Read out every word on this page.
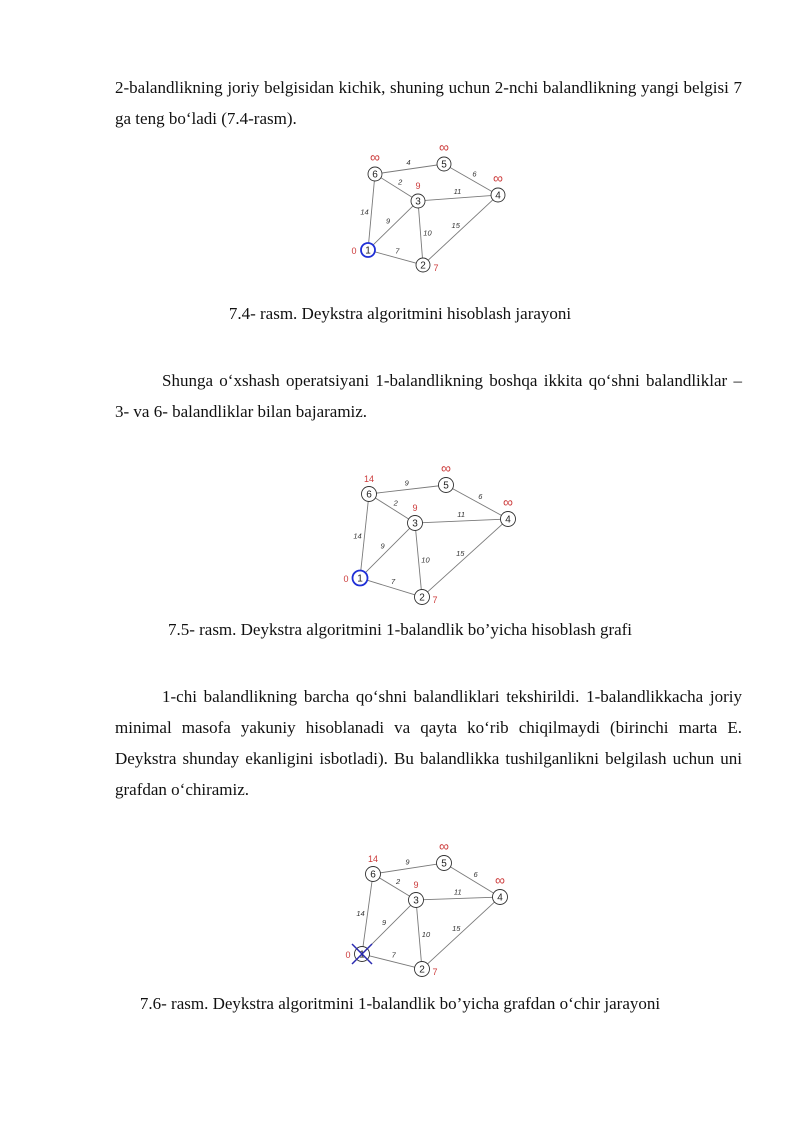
2-balandlikning joriy belgisidan kichik, shuning uchun 2-nchi balandlikning yangi belgisi 7 ga teng bo‘ladi (7.4-rasm).

7
9
14
10
15
11
2
6
4
1
0
2 7
3
9
4
∞
5
∞
6
∞

7.4- rasm. Deykstra algoritmini hisoblash jarayoni

Shunga o‘xshash operatsiyani 1-balandlikning boshqa ikkita qo‘shni balandliklar – 3- va 6- balandliklar bilan bajaramiz.

7
9
14
10
15
11
2
6
9
1
0
2 7
3
9
4
∞
5
∞
6
14

7.5- rasm. Deykstra algoritmini 1-balandlik bo’yicha hisoblash grafi

1-chi balandlikning barcha qo‘shni balandliklari tekshirildi. 1-balandlikkacha joriy minimal masofa yakuniy hisoblanadi va qayta ko‘rib chiqilmaydi (birinchi marta E. Deykstra shunday ekanligini isbotladi). Bu balandlikka tushilganlikni belgilash uchun uni grafdan o‘chiramiz.

7
9
14
10
15
11
2
6
9
0
2 7
3
9
4
∞
5
∞
6
14

7.6- rasm. Deykstra algoritmini 1-balandlik bo’yicha grafdan o‘chir jarayoni
